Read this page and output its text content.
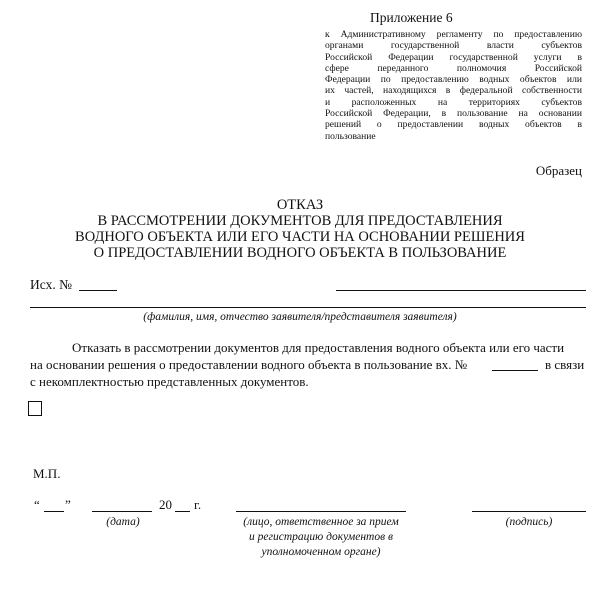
Приложение 6
к Административному регламенту по предоставлению
органами государственной власти субъектов
Российской Федерации государственной услуги в
сфере переданного полномочия Российской
Федерации по предоставлению водных объектов или
их частей, находящихся в федеральной собственности
и расположенных на территориях субъектов
Российской Федерации, в пользование на основании
решений о предоставлении водных объектов в
пользование
Образец
ОТКАЗ
В РАССМОТРЕНИИ ДОКУМЕНТОВ ДЛЯ ПРЕДОСТАВЛЕНИЯ
ВОДНОГО ОБЪЕКТА ИЛИ ЕГО ЧАСТИ НА ОСНОВАНИИ РЕШЕНИЯ
О ПРЕДОСТАВЛЕНИИ ВОДНОГО ОБЪЕКТА В ПОЛЬЗОВАНИЕ
Исх. №
(фамилия, имя, отчество заявителя/представителя заявителя)
Отказать в рассмотрении документов для предоставления водного объекта или его части
на основании решения о предоставлении водного объекта в пользование вх. №	в связи
с некомплектностью представленных документов.
М.П.
“ ”	20 г.
(дата)	(лицо, ответственное за прием
и регистрацию документов в
уполномоченном органе)
(подпись)
